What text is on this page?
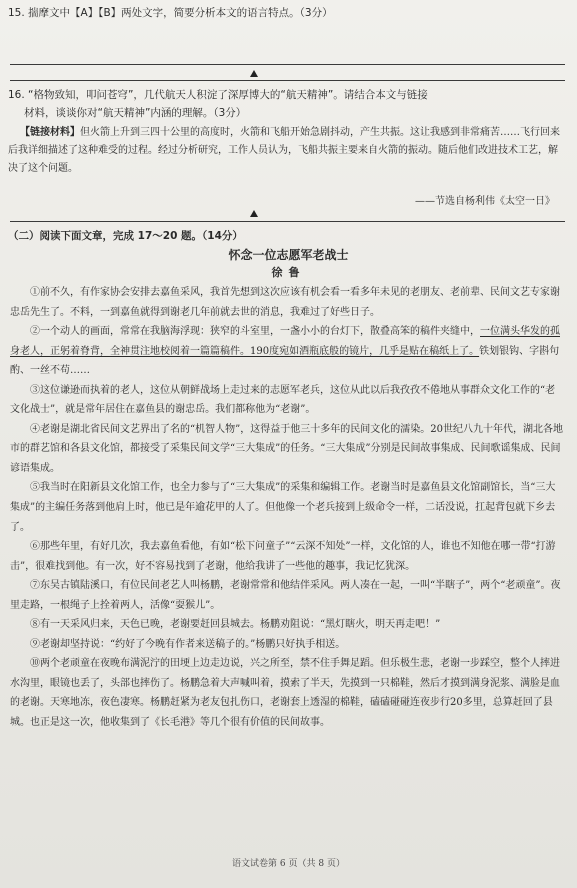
15. 揣摩文中【A】【B】两处文字，简要分析本文的语言特点。（3分）
16. “格物致知，叩问苍穹”，几代航天人积淀了深厚博大的“航天精神”。请结合本文与链接
材料，谈谈你对“航天精神”内涵的理解。（3分）
【链接材料】但火箭上升到三四十公里的高度时，火箭和飞船开始急剧抖动，产生共振。这让我感到非常痛苦……飞行回来后我详细描述了这种难受的过程。经过分析研究，工作人员认为，飞船共振主要来自火箭的振动。随后他们改进技术工艺，解决了这个问题。
——节选自杨利伟《太空一日》
（二）阅读下面文章，完成 17～20 题。（14分）
怀念一位志愿军老战士
徐鲁

①前不久，有作家协会安排去嘉鱼采风，我首先想到这次应该有机会看一看多年未见的老朋友、老前辈、民间文艺专家谢忠岳先生了。不料，一到嘉鱼就得到谢老几年前就去世的消息，我难过了好些日子。

②一个动人的画面，常常在我脑海浮现：狭窄的斗室里，一盏小小的台灯下，散叠高笨的稿件夹缝中，一位满头华发的孤身老人，正躬着脊背，全神贯注地校阅着一篇篇稿件。190度宛如酒瓶底般的镜片，几乎是贴在稿纸上了。铁划银钩、字斟句酌、一丝不苟……

③这位谦逊而执着的老人，这位从朝鲜战场上走过来的志愿军老兵，这位从此以后我孜孜不倦地从事群众文化工作的“老文化战士”，就是常年居住在嘉鱼县的谢忠岳。我们都称他为“老谢”。

④老谢是湖北省民间文艺界出了名的“机智人物”，这得益于他三十多年的民间文化的濡染。20世纪八九十年代，湖北各地市的群艺馆和各县文化馆，都接受了采集民间文学“三大集成”的任务。“三大集成”分别是民间故事集成、民间歌谣集成、民间谚语集成。

⑤我当时在阳新县文化馆工作，也全力参与了“三大集成”的采集和编辑工作。老谢当时是嘉鱼县文化馆副馆长，当“三大集成”的主编任务落到他肩上时，他已是年逾花甲的人了。但他像一个老兵接到上级命令一样，二话没说，扛起背包就下乡去了。

⑥那些年里，有好几次，我去嘉鱼看他，有如“松下问童子”“云深不知处”一样，文化馆的人，谁也不知他在哪一带“打游击”，很难找到他。有一次，好不容易找到了老谢，他给我讲了一些他的趣事，我记忆犹深。

⑦东吴古镇陆溪口，有位民间老艺人叫杨鹏，老谢常常和他结伴采风。两人凑在一起，一叫“半瞎子”，两个“老顽童”。夜里走路，一根绳子上拴着两人，活像“耍猴儿”。

⑧有一天采风归来，天色已晚，老谢要赶回县城去。杨鹏劝阻说：“黑灯瞎火，明天再走吧！”

⑨老谢却坚持说：“约好了今晚有作者来送稿子的。”杨鹏只好执手相送。

⑩两个老顽童在夜晚布满泥泞的田埂上边走边说，兴之所至，禁不住手舞足蹈。但乐极生悲，老谢一步踩空，整个人摔进水沟里，眼镜也丢了，头部也摔伤了。杨鹏急着大声喊叫着，摸索了半天，先摸到一只棉鞋，然后才摸到满身泥浆、满脸是血的老谢。天寒地冻，夜色凄寒。杨鹏赶紧为老友包扎伤口，老谢套上透湿的棉鞋，磕磕碰碰连夜步行20多里，总算赶回了县城。也正是这一次，他收集到了《长毛港》等几个很有价值的民间故事。

语文试卷第 6 页（共 8 页）
